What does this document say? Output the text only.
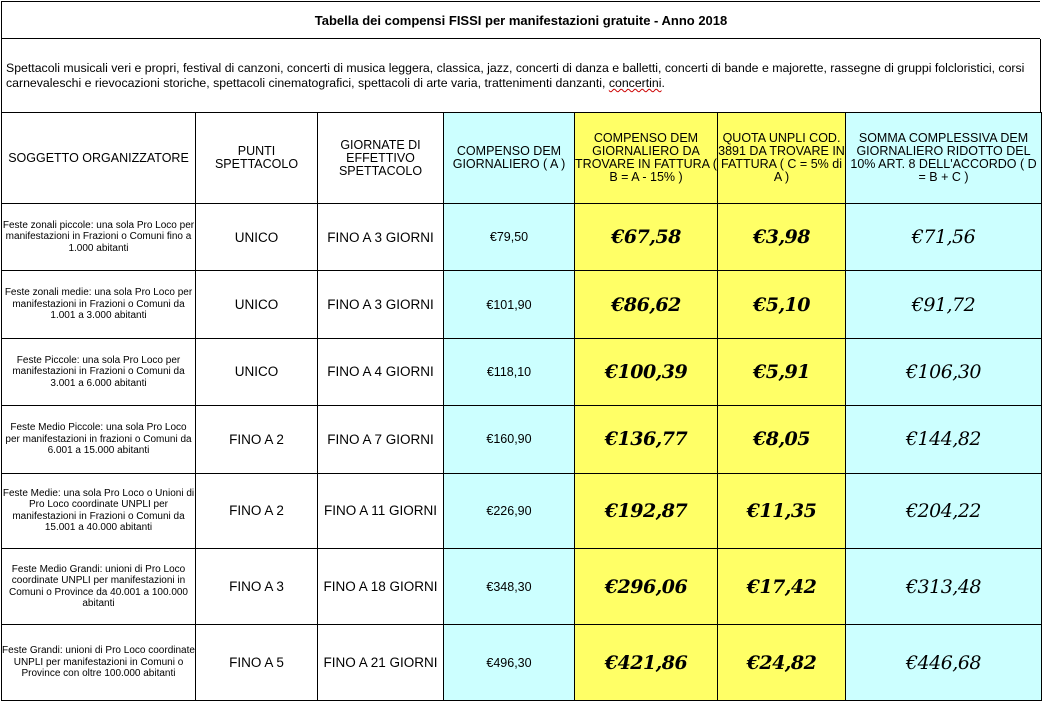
Tabella dei compensi FISSI per manifestazioni gratuite - Anno 2018
Spettacoli musicali veri e propri, festival di canzoni, concerti di musica leggera, classica, jazz, concerti di danza e balletti, concerti di bande e majorette, rassegne di gruppi folcloristici, corsi carnevaleschi e rievocazioni storiche, spettacoli cinematografici, spettacoli di arte varia, trattenimenti danzanti, concertini.
SOGGETTO ORGANIZZATORE	PUNTI SPETTACOLO	GIORNATE DI EFFETTIVO SPETTACOLO	COMPENSO DEM GIORNALIERO ( A )	COMPENSO DEM GIORNALIERO DA TROVARE IN FATTURA ( B = A - 15% )	QUOTA UNPLI COD. 3891 DA TROVARE IN FATTURA ( C = 5% di A )	SOMMA COMPLESSIVA DEM GIORNALIERO RIDOTTO DEL 10% ART. 8 DELL'ACCORDO ( D = B + C )
Feste zonali piccole: una sola Pro Loco per manifestazioni in Frazioni o Comuni fino a 1.000 abitanti	UNICO	FINO A 3 GIORNI	€79,50	€67,58	€3,98	€71,56
Feste zonali medie: una sola Pro Loco per manifestazioni in Frazioni o Comuni da 1.001 a 3.000 abitanti	UNICO	FINO A 3 GIORNI	€101,90	€86,62	€5,10	€91,72
Feste Piccole: una sola Pro Loco per manifestazioni in Frazioni o Comuni da 3.001 a 6.000 abitanti	UNICO	FINO A 4 GIORNI	€118,10	€100,39	€5,91	€106,30
Feste Medio Piccole: una sola Pro Loco per manifestazioni in frazioni o Comuni da 6.001 a 15.000 abitanti	FINO A 2	FINO A 7 GIORNI	€160,90	€136,77	€8,05	€144,82
Feste Medie: una sola Pro Loco o Unioni di Pro Loco coordinate UNPLI per manifestazioni in Frazioni o Comuni da 15.001 a 40.000 abitanti	FINO A 2	FINO A 11 GIORNI	€226,90	€192,87	€11,35	€204,22
Feste Medio Grandi: unioni di Pro Loco coordinate UNPLI per manifestazioni in Comuni o Province da 40.001 a 100.000 abitanti	FINO A 3	FINO A 18 GIORNI	€348,30	€296,06	€17,42	€313,48
Feste Grandi: unioni di Pro Loco coordinate UNPLI per manifestazioni in Comuni o Province con oltre 100.000 abitanti	FINO A 5	FINO A 21 GIORNI	€496,30	€421,86	€24,82	€446,68
